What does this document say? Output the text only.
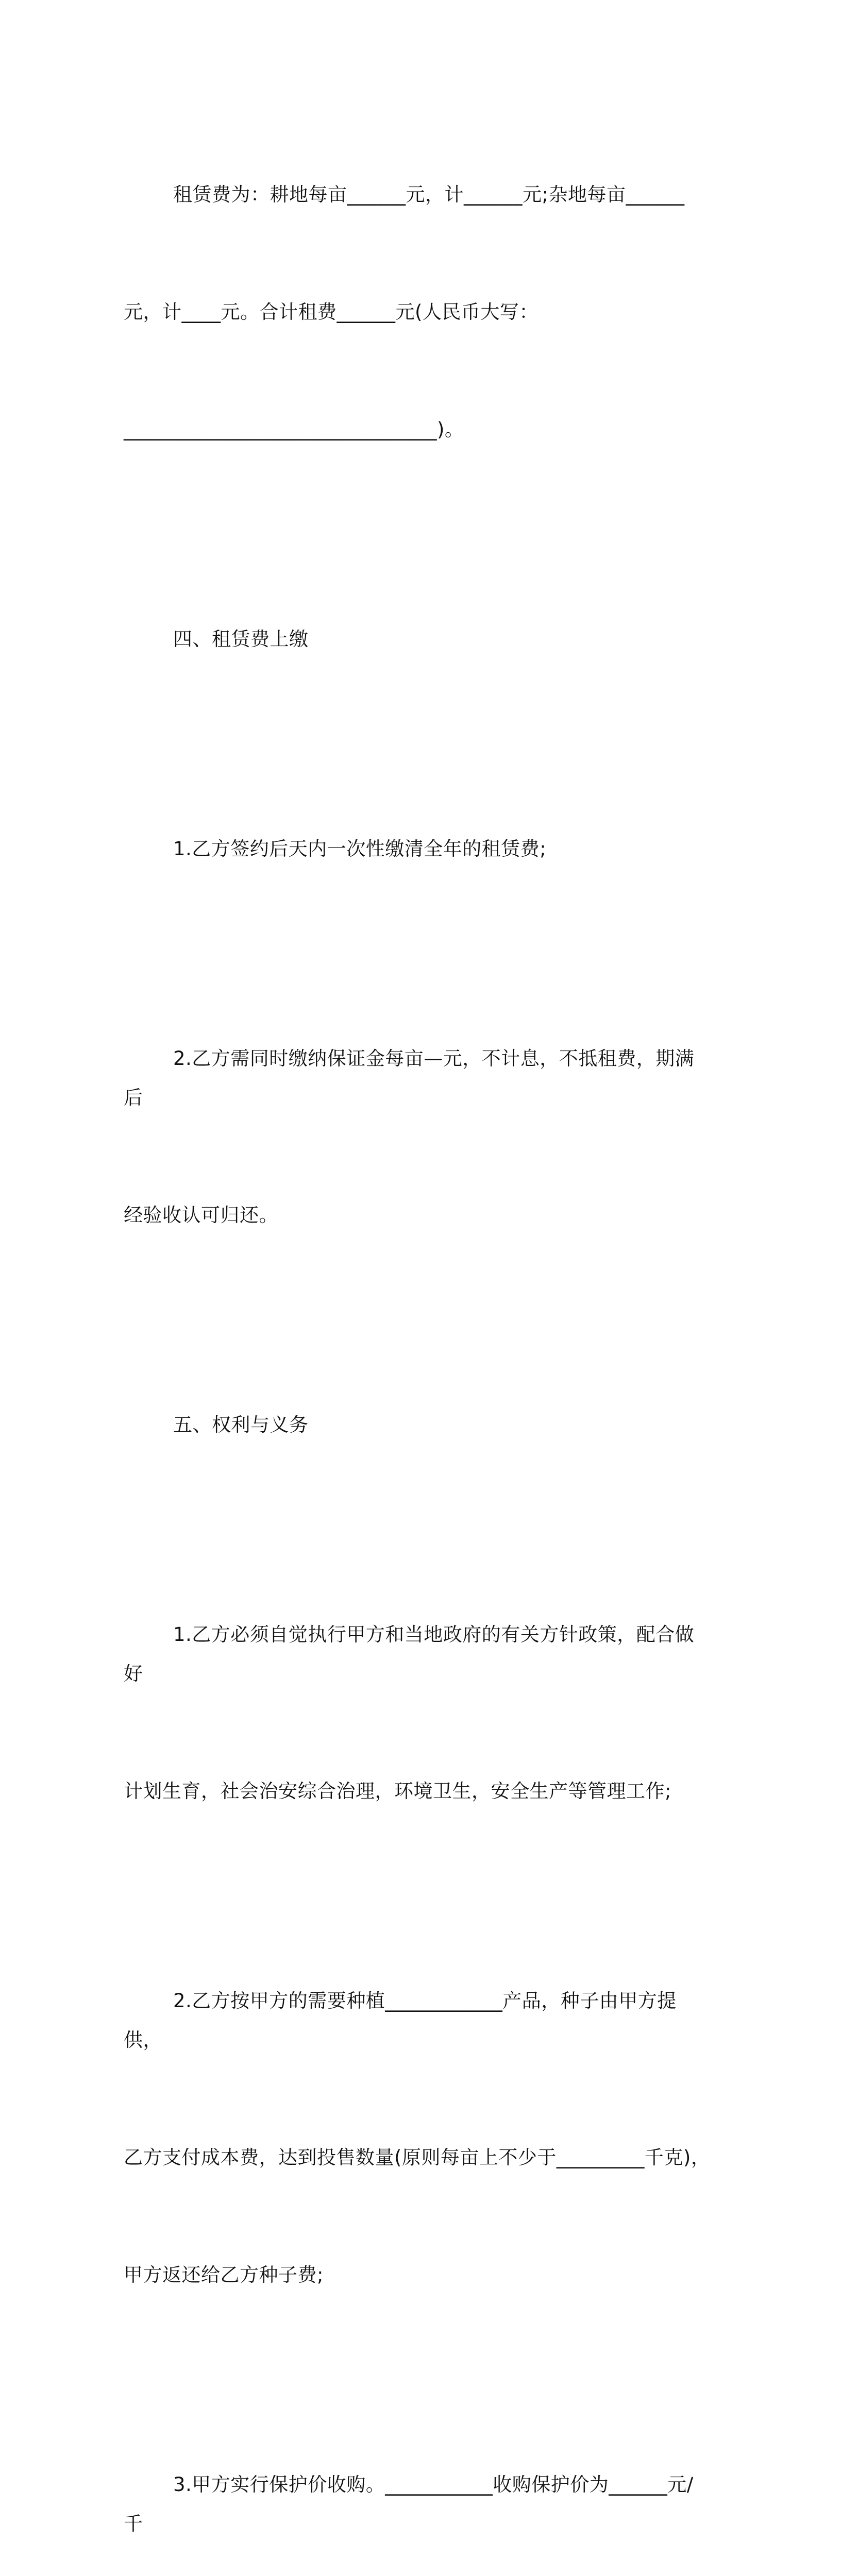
租赁费为：耕地每亩______元，计______元;杂地每亩______

元，计____元。合计租费______元(人民币大写：

________________________________)。

四、租赁费上缴

1.乙方签约后天内一次性缴清全年的租赁费;

2.乙方需同时缴纳保证金每亩—元，不计息，不抵租费，期满后

经验收认可归还。

五、权利与义务

1.乙方必须自觉执行甲方和当地政府的有关方针政策，配合做好

计划生育，社会治安综合治理，环境卫生，安全生产等管理工作;

2.乙方按甲方的需要种植____________产品，种子由甲方提供，

乙方支付成本费，达到投售数量(原则每亩上不少于_________千克)，

甲方返还给乙方种子费;

3.甲方实行保护价收购。___________收购保护价为______元/千
